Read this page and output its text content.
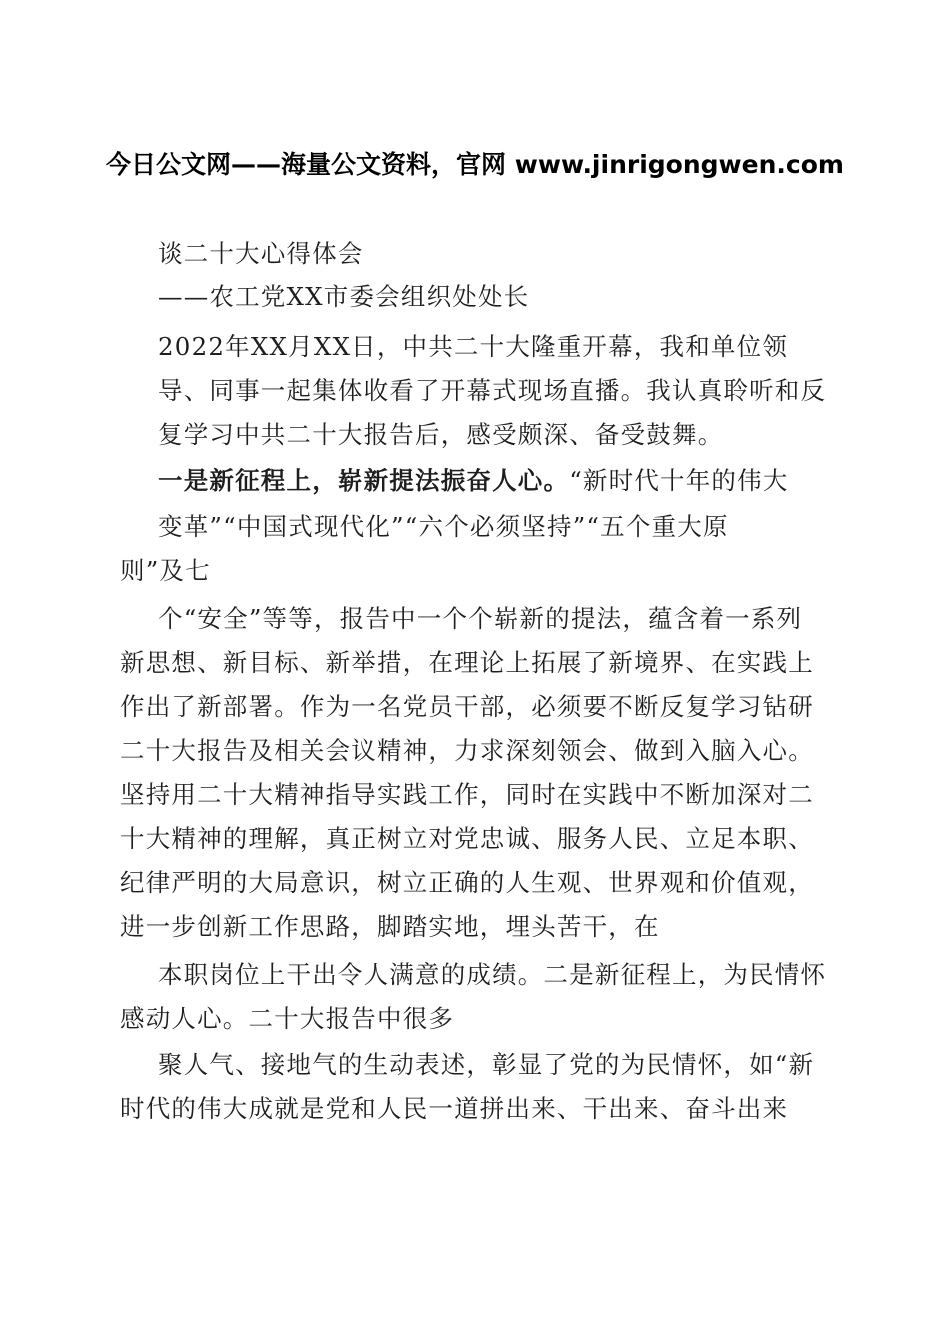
今日公文网——海量公文资料，官网 www.jinrigongwen.com
谈二十大心得体会
——农工党XX市委会组织处处长
2022年XX月XX日，中共二十大隆重开幕，我和单位领
导、同事一起集体收看了开幕式现场直播。我认真聆听和反
复学习中共二十大报告后，感受颇深、备受鼓舞。
一是新征程上，崭新提法振奋人心。“新时代十年的伟大
变革”“中国式现代化”“六个必须坚持”“五个重大原
则”及七
个“安全”等等，报告中一个个崭新的提法，蕴含着一系列
新思想、新目标、新举措，在理论上拓展了新境界、在实践上
作出了新部署。作为一名党员干部，必须要不断反复学习钻研
二十大报告及相关会议精神，力求深刻领会、做到入脑入心。
坚持用二十大精神指导实践工作，同时在实践中不断加深对二
十大精神的理解，真正树立对党忠诚、服务人民、立足本职、
纪律严明的大局意识，树立正确的人生观、世界观和价值观，
进一步创新工作思路，脚踏实地，埋头苦干，在
本职岗位上干出令人满意的成绩。二是新征程上，为民情怀
感动人心。二十大报告中很多
聚人气、接地气的生动表述，彰显了党的为民情怀，如“新
时代的伟大成就是党和人民一道拼出来、干出来、奋斗出来
